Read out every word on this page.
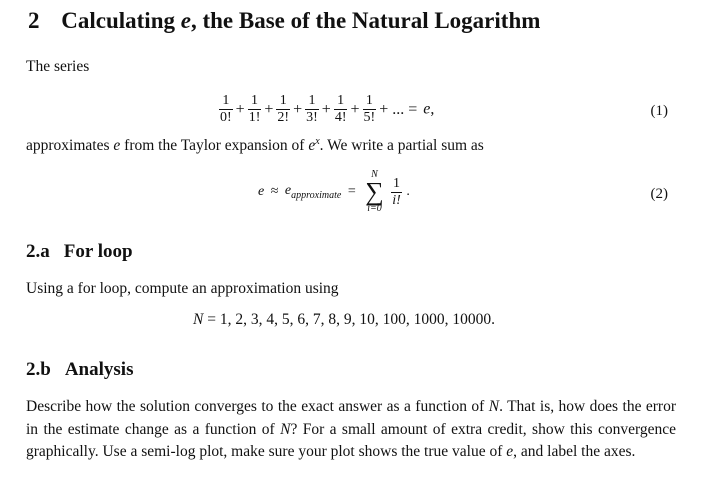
2 Calculating e, the Base of the Natural Logarithm
The series
$\frac{1}{0!} + \frac{1}{1!} + \frac{1}{2!} + \frac{1}{3!} + \frac{1}{4!} + \frac{1}{5!}$ + ... = e,	(1)
approximates e from the Taylor expansion of $e^x$. We write a partial sum as
$e \approx e_{approximate}$ =
N
∑
i=0
$\frac{1}{i!}$ .	(2)
2.a For loop
Using a for loop, compute an approximation using
N = 1, 2, 3, 4, 5, 6, 7, 8, 9, 10, 100, 1000, 10000.
2.b Analysis
Describe how the solution converges to the exact answer as a function of N. That is, how does the error in the estimate change as a function of N? For a small amount of extra credit, show this convergence graphically. Use a semi-log plot, make sure your plot shows the true value of e, and label the axes.
